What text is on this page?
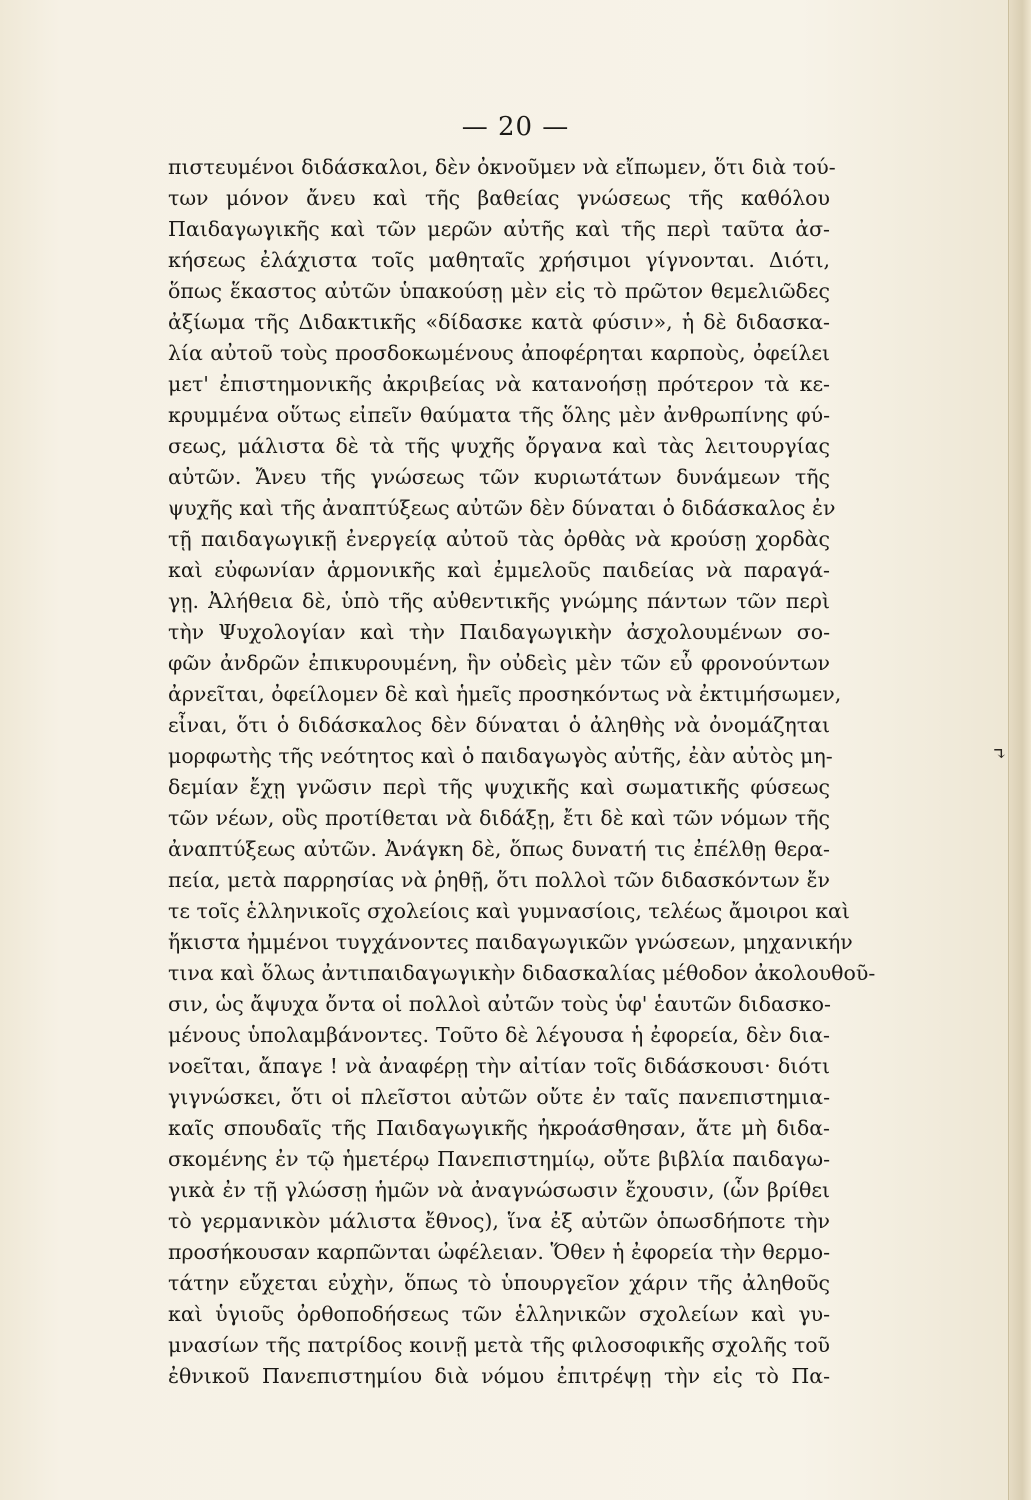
— 20 —
πιστευμένοι διδάσκαλοι, δὲν ὀκνοῦμεν νὰ εἴπωμεν, ὅτι διὰ τού-
των μόνον ἄνευ καὶ τῆς βαθείας γνώσεως τῆς καθόλου
Παιδαγωγικῆς καὶ τῶν μερῶν αὐτῆς καὶ τῆς περὶ ταῦτα ἀσ-
κήσεως ἐλάχιστα τοῖς μαθηταῖς χρήσιμοι γίγνονται. Διότι,
ὅπως ἕκαστος αὐτῶν ὑπακούσῃ μὲν εἰς τὸ πρῶτον θεμελιῶδες
ἀξίωμα τῆς Διδακτικῆς «δίδασκε κατὰ φύσιν», ἡ δὲ διδασκα-
λία αὐτοῦ τοὺς προσδοκωμένους ἀποφέρηται καρποὺς, ὀφείλει
μετ' ἐπιστημονικῆς ἀκριβείας νὰ κατανοήσῃ πρότερον τὰ κε-
κρυμμένα οὕτως εἰπεῖν θαύματα τῆς ὅλης μὲν ἀνθρωπίνης φύ-
σεως, μάλιστα δὲ τὰ τῆς ψυχῆς ὄργανα καὶ τὰς λειτουργίας
αὐτῶν. Ἄνευ τῆς γνώσεως τῶν κυριωτάτων δυνάμεων τῆς
ψυχῆς καὶ τῆς ἀναπτύξεως αὐτῶν δὲν δύναται ὁ διδάσκαλος ἐν
τῇ παιδαγωγικῇ ἐνεργείᾳ αὐτοῦ τὰς ὀρθὰς νὰ κρούσῃ χορδὰς
καὶ εὐφωνίαν ἁρμονικῆς καὶ ἐμμελοῦς παιδείας νὰ παραγά-
γῃ. Ἀλήθεια δὲ, ὑπὸ τῆς αὐθεντικῆς γνώμης πάντων τῶν περὶ
τὴν Ψυχολογίαν καὶ τὴν Παιδαγωγικὴν ἀσχολουμένων σο-
φῶν ἀνδρῶν ἐπικυρουμένη, ἣν οὐδεὶς μὲν τῶν εὖ φρονούντων
ἀρνεῖται, ὀφείλομεν δὲ καὶ ἡμεῖς προσηκόντως νὰ ἐκτιμήσωμεν,
εἶναι, ὅτι ὁ διδάσκαλος δὲν δύναται ὁ ἀληθὴς νὰ ὀνομάζηται
μορφωτὴς τῆς νεότητος καὶ ὁ παιδαγωγὸς αὐτῆς, ἐὰν αὐτὸς μη-
δεμίαν ἔχῃ γνῶσιν περὶ τῆς ψυχικῆς καὶ σωματικῆς φύσεως
τῶν νέων, οὓς προτίθεται νὰ διδάξῃ, ἔτι δὲ καὶ τῶν νόμων τῆς
ἀναπτύξεως αὐτῶν. Ἀνάγκη δὲ, ὅπως δυνατή τις ἐπέλθῃ θερα-
πεία, μετὰ παρρησίας νὰ ῥηθῇ, ὅτι πολλοὶ τῶν διδασκόντων ἔν
τε τοῖς ἑλληνικοῖς σχολείοις καὶ γυμνασίοις, τελέως ἄμοιροι καὶ
ἥκιστα ἠμμένοι τυγχάνοντες παιδαγωγικῶν γνώσεων, μηχανικήν
τινα καὶ ὅλως ἀντιπαιδαγωγικὴν διδασκαλίας μέθοδον ἀκολουθοῦ-
σιν, ὡς ἄψυχα ὄντα οἱ πολλοὶ αὐτῶν τοὺς ὑφ' ἑαυτῶν διδασκο-
μένους ὑπολαμβάνοντες. Τοῦτο δὲ λέγουσα ἡ ἐφορεία, δὲν δια-
νοεῖται, ἄπαγε ! νὰ ἀναφέρῃ τὴν αἰτίαν τοῖς διδάσκουσι· διότι
γιγνώσκει, ὅτι οἱ πλεῖστοι αὐτῶν οὔτε ἐν ταῖς πανεπιστημια-
καῖς σπουδαῖς τῆς Παιδαγωγικῆς ἠκροάσθησαν, ἅτε μὴ διδα-
σκομένης ἐν τῷ ἡμετέρῳ Πανεπιστημίῳ, οὔτε βιβλία παιδαγω-
γικὰ ἐν τῇ γλώσσῃ ἡμῶν νὰ ἀναγνώσωσιν ἔχουσιν, (ὧν βρίθει
τὸ γερμανικὸν μάλιστα ἔθνος), ἵνα ἐξ αὐτῶν ὁπωσδήποτε τὴν
προσήκουσαν καρπῶνται ὠφέλειαν. Ὅθεν ἡ ἐφορεία τὴν θερμο-
τάτην εὔχεται εὐχὴν, ὅπως τὸ ὑπουργεῖον χάριν τῆς ἀληθοῦς
καὶ ὑγιοῦς ὀρθοποδήσεως τῶν ἑλληνικῶν σχολείων καὶ γυ-
μνασίων τῆς πατρίδος κοινῇ μετὰ τῆς φιλοσοφικῆς σχολῆς τοῦ
ἐθνικοῦ Πανεπιστημίου διὰ νόμου ἐπιτρέψῃ τὴν εἰς τὸ Πα-
↴
